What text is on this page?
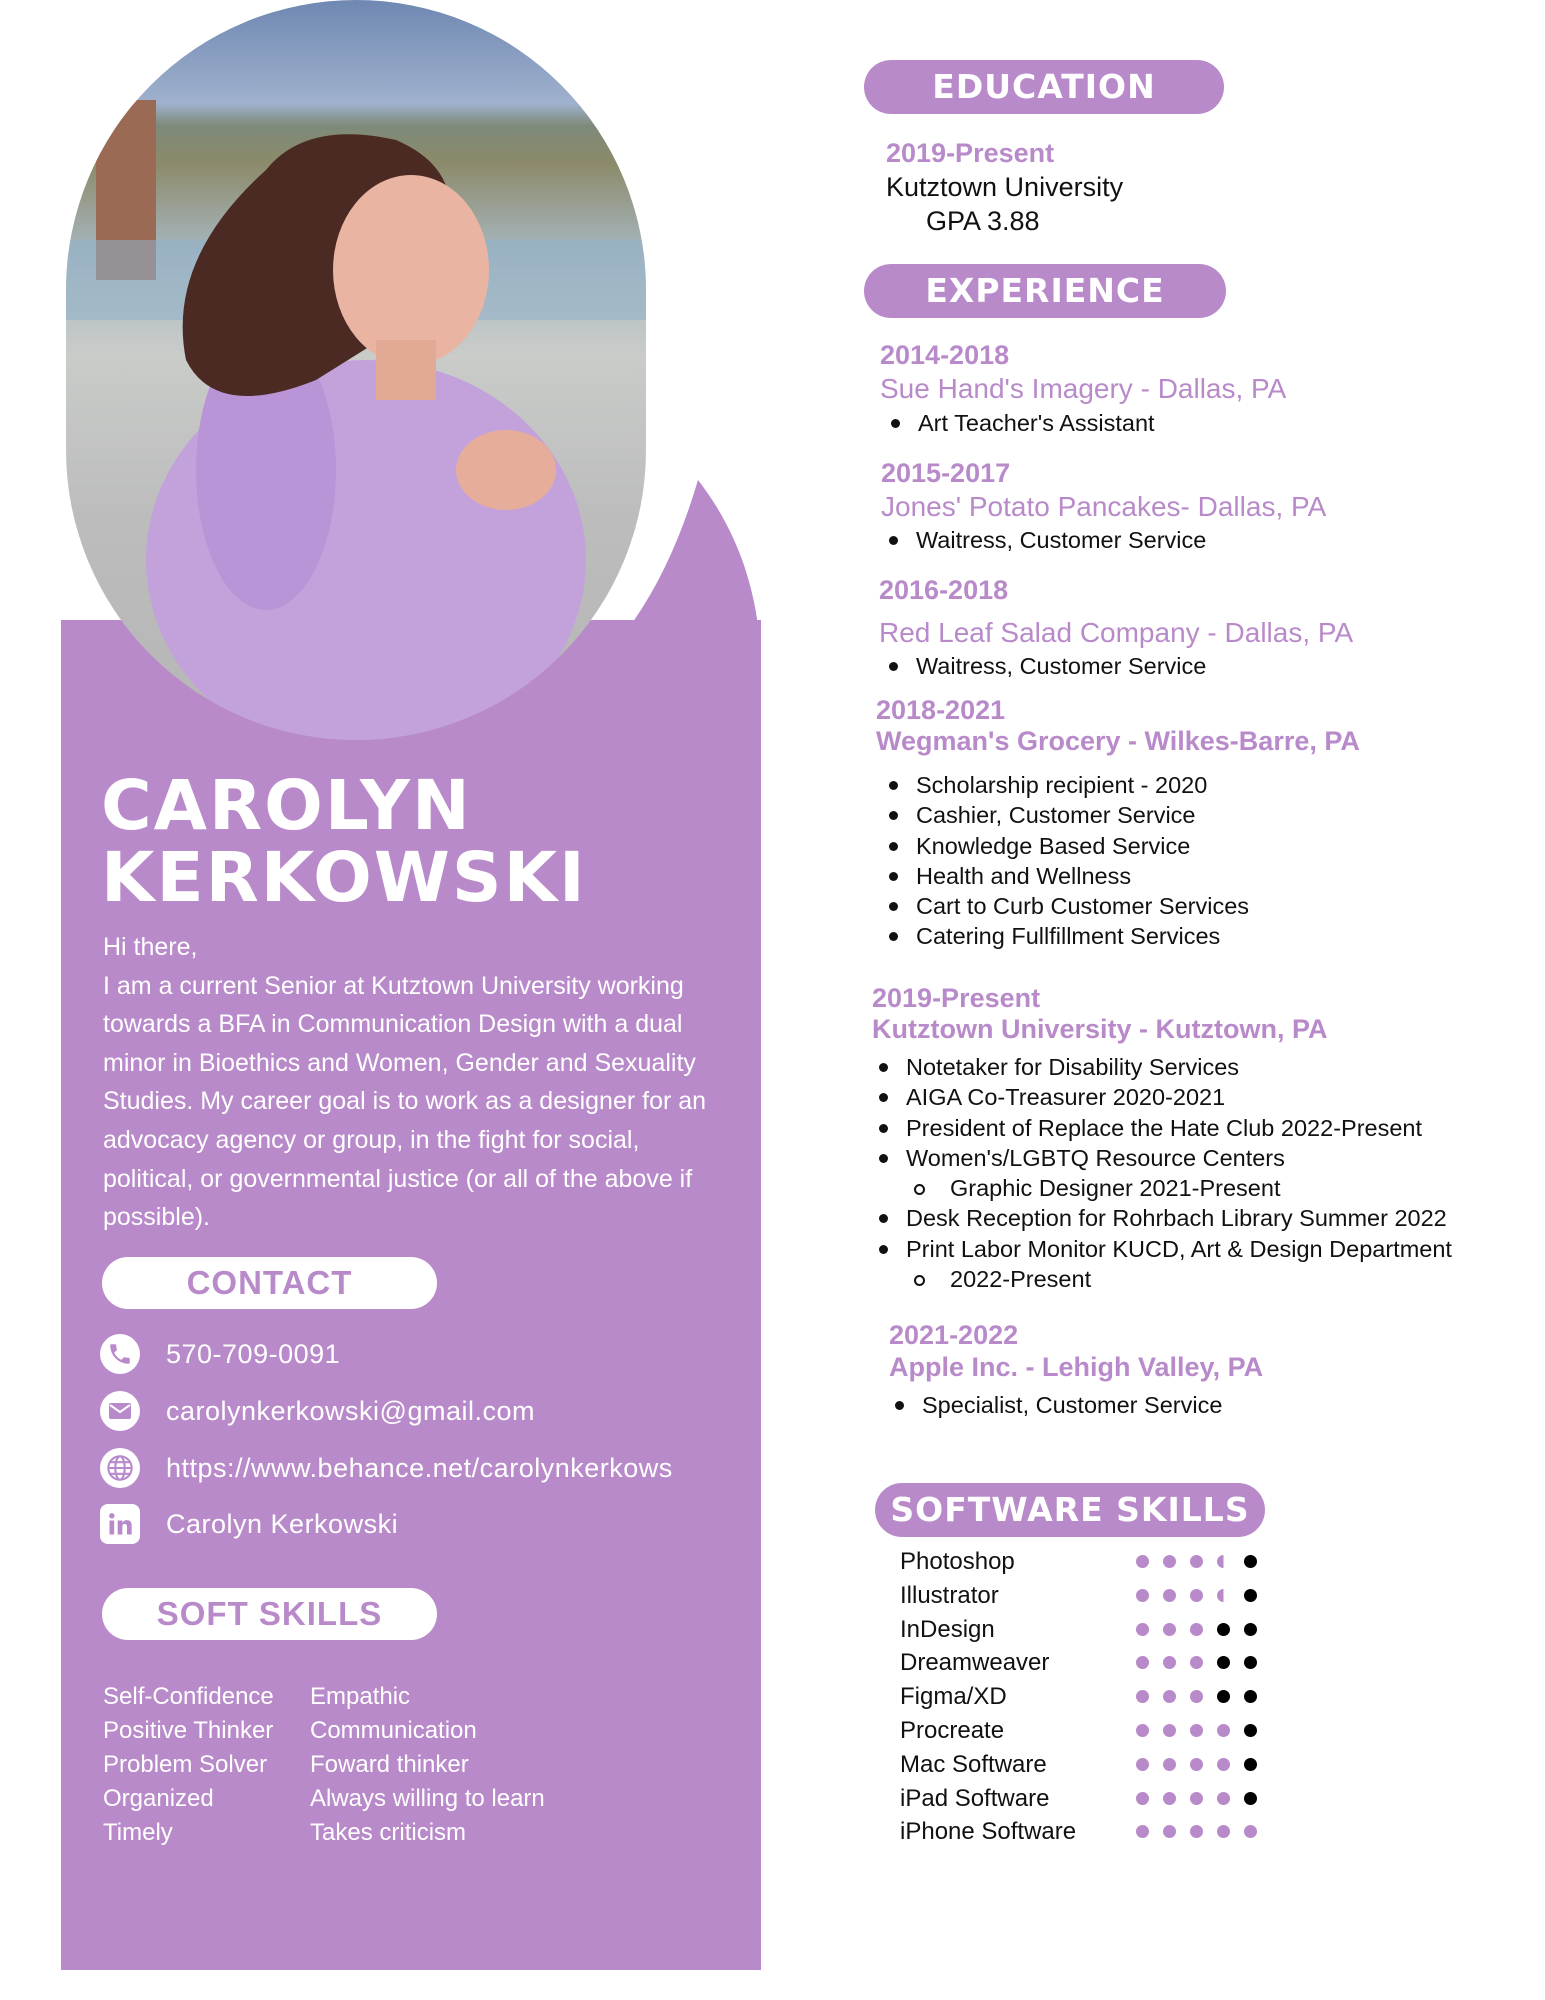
CAROLYN
KERKOWSKI

Hi there,

I am a current Senior at Kutztown University working towards a BFA in Communication Design with a dual minor in Bioethics and Women, Gender and Sexuality Studies. My career goal is to work as a designer for an advocacy agency or group, in the fight for social, political, or governmental justice (or all of the above if possible).

CONTACT
570-709-0091
carolynkerkowski@gmail.com
https://www.behance.net/carolynkerkows
Carolyn Kerkowski
SOFT SKILLS
Self-Confidence
Positive Thinker
Problem Solver
Organized
Timely
Empathic
Communication
Foward thinker
Always willing to learn
Takes criticism
EDUCATION
2019-Present
Kutztown University
GPA 3.88
EXPERIENCE
2014-2018
Sue Hand's Imagery - Dallas, PA
Art Teacher's Assistant
2015-2017
Jones' Potato Pancakes- Dallas, PA
Waitress, Customer Service
2016-2018
Red Leaf Salad Company - Dallas, PA
Waitress, Customer Service
2018-2021
Wegman's Grocery - Wilkes-Barre, PA
Scholarship recipient - 2020
Cashier, Customer Service
Knowledge Based Service
Health and Wellness
Cart to Curb Customer Services
Catering Fullfillment Services
2019-Present
Kutztown University - Kutztown, PA
Notetaker for Disability Services
AIGA Co-Treasurer 2020-2021
President of Replace the Hate Club 2022-Present
Women's/LGBTQ Resource Centers
Graphic Designer 2021-Present
Desk Reception for Rohrbach Library Summer 2022
Print Labor Monitor KUCD, Art & Design Department
2022-Present
2021-2022
Apple Inc. - Lehigh Valley, PA
Specialist, Customer Service
SOFTWARE SKILLS
Photoshop
Illustrator
InDesign
Dreamweaver
Figma/XD
Procreate
Mac Software
iPad Software
iPhone Software
